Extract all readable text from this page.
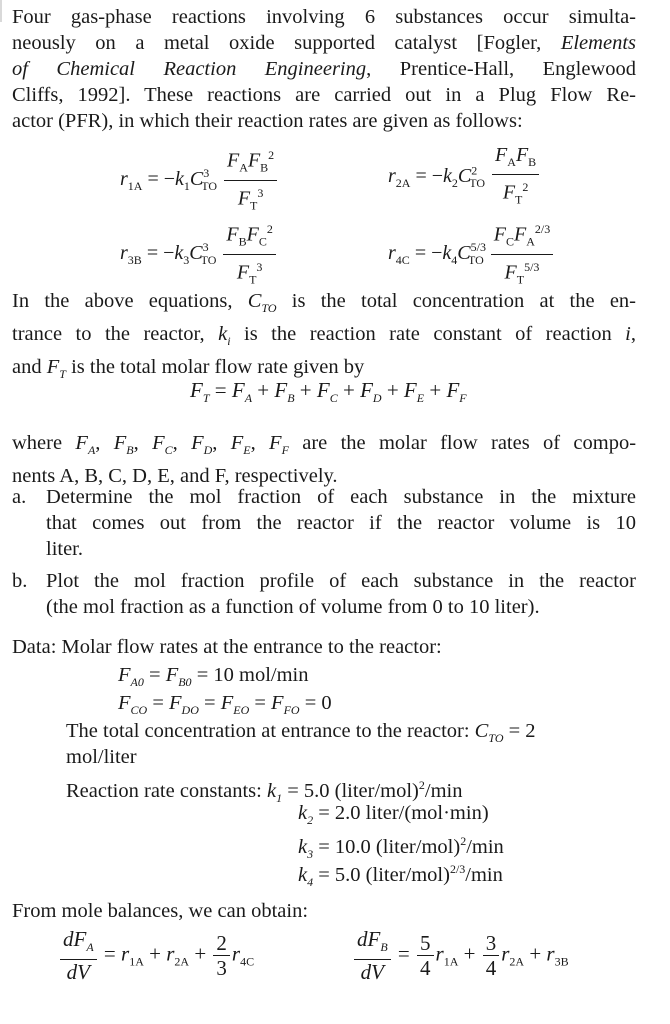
Four gas-phase reactions involving 6 substances occur simulta-
neously on a metal oxide supported catalyst [Fogler, Elements
of Chemical Reaction Engineering, Prentice-Hall, Englewood
Cliffs, 1992]. These reactions are carried out in a Plug Flow Re-
actor (PFR), in which their reaction rates are given as follows:
$r_{1A} = -k_1C^3_{TO} \frac{F_AF_B^2}{F_T^3}$	$r_{2A} = -k_2C^2_{TO} \frac{F_AF_B}{F_T^2}$
$r_{3B} = -k_3C^3_{TO} \frac{F_BF_C^2}{F_T^3}$	$r_{4C} = -k_4C^{5/3}_{TO} \frac{F_CF_A^{2/3}}{F_T^{5/3}}$
In the above equations, $C_{TO}$ is the total concentration at the en-
trance to the reactor, $k_i$ is the reaction rate constant of reaction i,
and $F_T$ is the total molar flow rate given by
$F_T = F_A + F_B + F_C + F_D + F_E + F_F$
where $F_A$, $F_B$, $F_C$, $F_D$, $F_E$, $F_F$ are the molar flow rates of compo-
nents A, B, C, D, E, and F, respectively.
a. Determine the mol fraction of each substance in the mixture
that comes out from the reactor if the reactor volume is 10
liter.
b. Plot the mol fraction profile of each substance in the reactor
(the mol fraction as a function of volume from 0 to 10 liter).
Data: Molar flow rates at the entrance to the reactor:
$F_{A0} = F_{B0} = 10$ mol/min
$F_{CO} = F_{DO} = F_{EO} = F_{FO} = 0$
The total concentration at entrance to the reactor: $C_{TO} = 2$
mol/liter
Reaction rate constants: $k_1 = 5.0$ (liter/mol)$^2$/min
$k_2 = 2.0$ liter/(mol·min)
$k_3 = 10.0$ (liter/mol)$^2$/min
$k_4 = 5.0$ (liter/mol)$^{2/3}$/min
From mole balances, we can obtain:
$\frac{dF_A}{dV} = r_{1A} + r_{2A} + \frac{2}{3} r_{4C}$	$\frac{dF_B}{dV} = \frac{5}{4} r_{1A} + \frac{3}{4} r_{2A} + r_{3B}$
